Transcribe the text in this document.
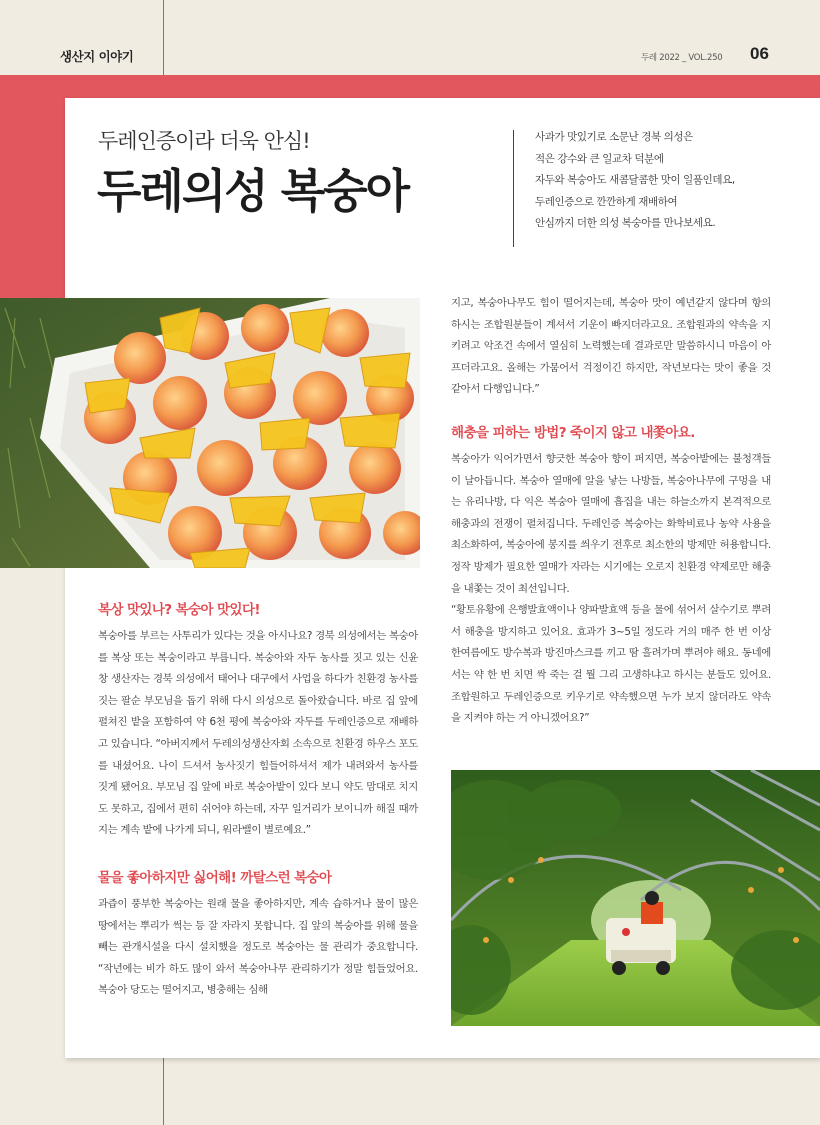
생산지 이야기	두레 2022 _ VOL.250 06
두레인증이라 더욱 안심!
두레의성 복숭아

사과가 맛있기로 소문난 경북 의성은

적은 강수와 큰 일교차 덕분에

자두와 복숭아도 새콤달콤한 맛이 일품인데요,

두레인증으로 깐깐하게 재배하여

안심까지 더한 의성 복숭아를 만나보세요.

복상 맛있나? 복숭아 맛있다!

복숭아를 부르는 사투리가 있다는 것을 아시나요? 경북 의성에서는 복숭아를 복상 또는 복숭이라고 부릅니다. 복숭아와 자두 농사를 짓고 있는 신윤창 생산자는 경북 의성에서 태어나 대구에서 사업을 하다가 친환경 농사를 짓는 팔순 부모님을 돕기 위해 다시 의성으로 돌아왔습니다. 바로 집 앞에 펼쳐진 밭을 포함하여 약 6천 평에 복숭아와 자두를 두레인증으로 재배하고 있습니다. “아버지께서 두레의성생산자회 소속으로 친환경 하우스 포도를 내셨어요. 나이 드셔서 농사짓기 힘들어하셔서 제가 내려와서 농사를 짓게 됐어요. 부모님 집 앞에 바로 복숭아밭이 있다 보니 약도 맘대로 치지도 못하고, 집에서 편히 쉬어야 하는데, 자꾸 일거리가 보이니까 해질 때까지는 계속 밭에 나가게 되니, 워라밸이 별로예요.”

물을 좋아하지만 싫어해! 까탈스런 복숭아

과즙이 풍부한 복숭아는 원래 물을 좋아하지만, 계속 습하거나 물이 많은 땅에서는 뿌리가 썩는 등 잘 자라지 못합니다. 집 앞의 복숭아를 위해 물을 빼는 관개시설을 다시 설치했을 정도로 복숭아는 물 관리가 중요합니다. “작년에는 비가 하도 많이 와서 복숭아나무 관리하기가 정말 힘들었어요. 복숭아 당도는 떨어지고, 병충해는 심해

지고, 복숭아나무도 힘이 떨어지는데, 복숭아 맛이 예년같지 않다며 항의하시는 조합원분들이 계셔서 기운이 빠지더라고요. 조합원과의 약속을 지키려고 악조건 속에서 열심히 노력했는데 결과로만 말씀하시니 마음이 아프더라고요. 올해는 가뭄어서 걱정이긴 하지만, 작년보다는 맛이 좋을 것 같아서 다행입니다.”

해충을 피하는 방법? 죽이지 않고 내쫓아요.

복숭아가 익어가면서 향긋한 복숭아 향이 퍼지면, 복숭아밭에는 불청객들이 날아듭니다. 복숭아 열매에 알을 낳는 나방들, 복숭아나무에 구멍을 내는 유리나방, 다 익은 복숭아 열매에 흡집을 내는 하늘소까지 본격적으로 해충과의 전쟁이 펼쳐집니다. 두레인증 복숭아는 화학비료나 농약 사용을 최소화하여, 복숭아에 봉지를 씌우기 전후로 최소한의 방제만 허용합니다. 정작 방제가 필요한 열매가 자라는 시기에는 오로지 친환경 약제로만 해충을 내쫓는 것이 최선입니다.

“황토유황에 은행발효액이나 양파발효액 등을 물에 섞어서 살수기로 뿌려서 해충을 방지하고 있어요. 효과가 3~5일 정도라 거의 매주 한 번 이상 한여름에도 방수복과 방진마스크를 끼고 땀 흘려가며 뿌려야 해요. 동네에서는 약 한 번 치면 싹 죽는 걸 뭘 그리 고생하냐고 하시는 분들도 있어요. 조합원하고 두레인증으로 키우기로 약속했으면 누가 보지 않더라도 약속을 지켜야 하는 거 아니겠어요?”
